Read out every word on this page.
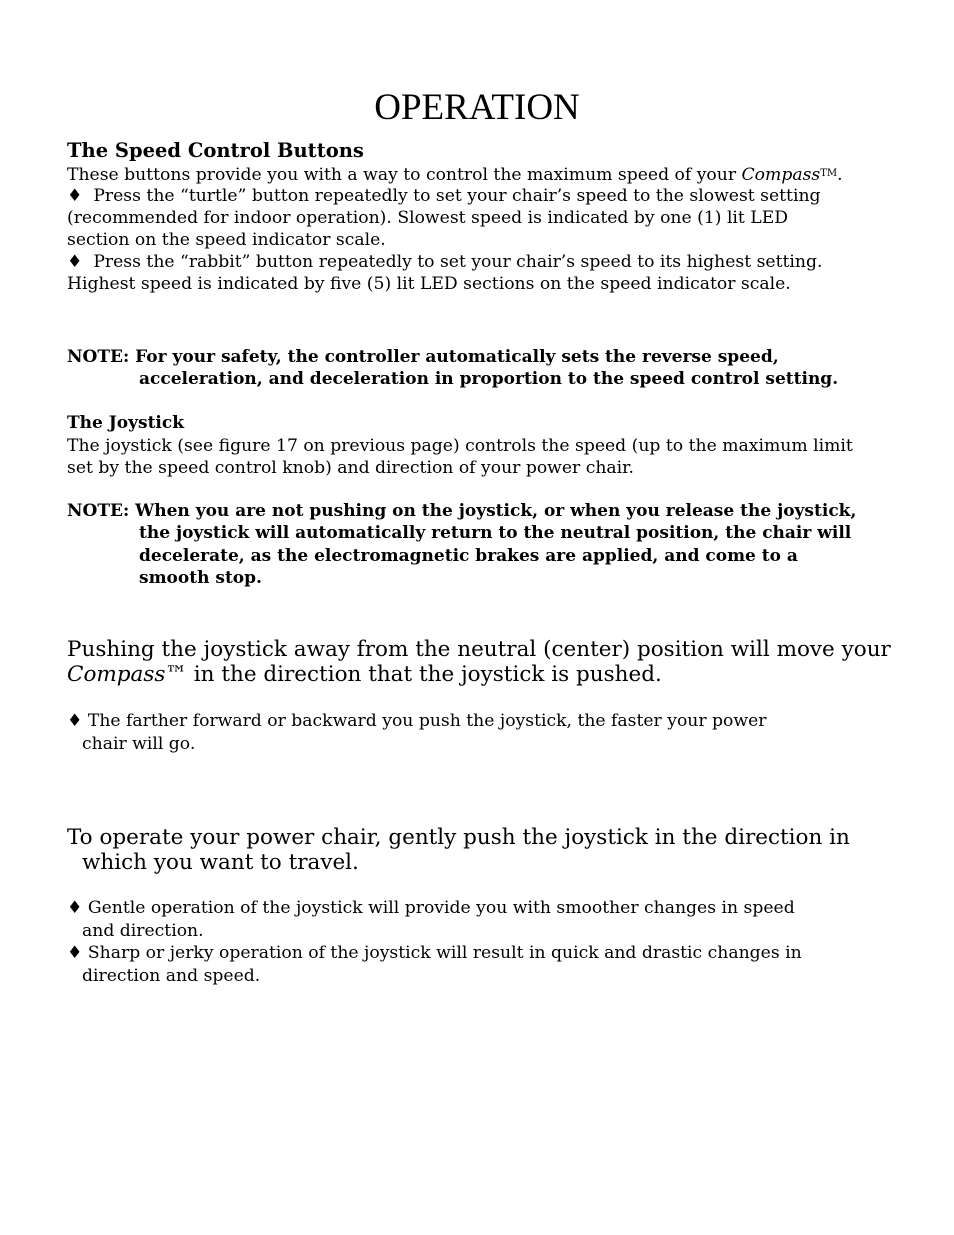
OPERATION
The Speed Control Buttons
These buttons provide you with a way to control the maximum speed of your Compass™.
♦ Press the “turtle” button repeatedly to set your chair’s speed to the slowest setting
(recommended for indoor operation). Slowest speed is indicated by one (1) lit LED
section on the speed indicator scale.
♦ Press the “rabbit” button repeatedly to set your chair’s speed to its highest setting.
Highest speed is indicated by five (5) lit LED sections on the speed indicator scale.
NOTE: For your safety, the controller automatically sets the reverse speed,
acceleration, and deceleration in proportion to the speed control setting.
The Joystick
The joystick (see figure 17 on previous page) controls the speed (up to the maximum limit
set by the speed control knob) and direction of your power chair.
NOTE: When you are not pushing on the joystick, or when you release the joystick,
the joystick will automatically return to the neutral position, the chair will
decelerate, as the electromagnetic brakes are applied, and come to a
smooth stop.
Pushing the joystick away from the neutral (center) position will move your
Compass™ in the direction that the joystick is pushed.
♦ The farther forward or backward you push the joystick, the faster your power
chair will go.
To operate your power chair, gently push the joystick in the direction in
which you want to travel.
♦ Gentle operation of the joystick will provide you with smoother changes in speed
and direction.
♦ Sharp or jerky operation of the joystick will result in quick and drastic changes in
direction and speed.
